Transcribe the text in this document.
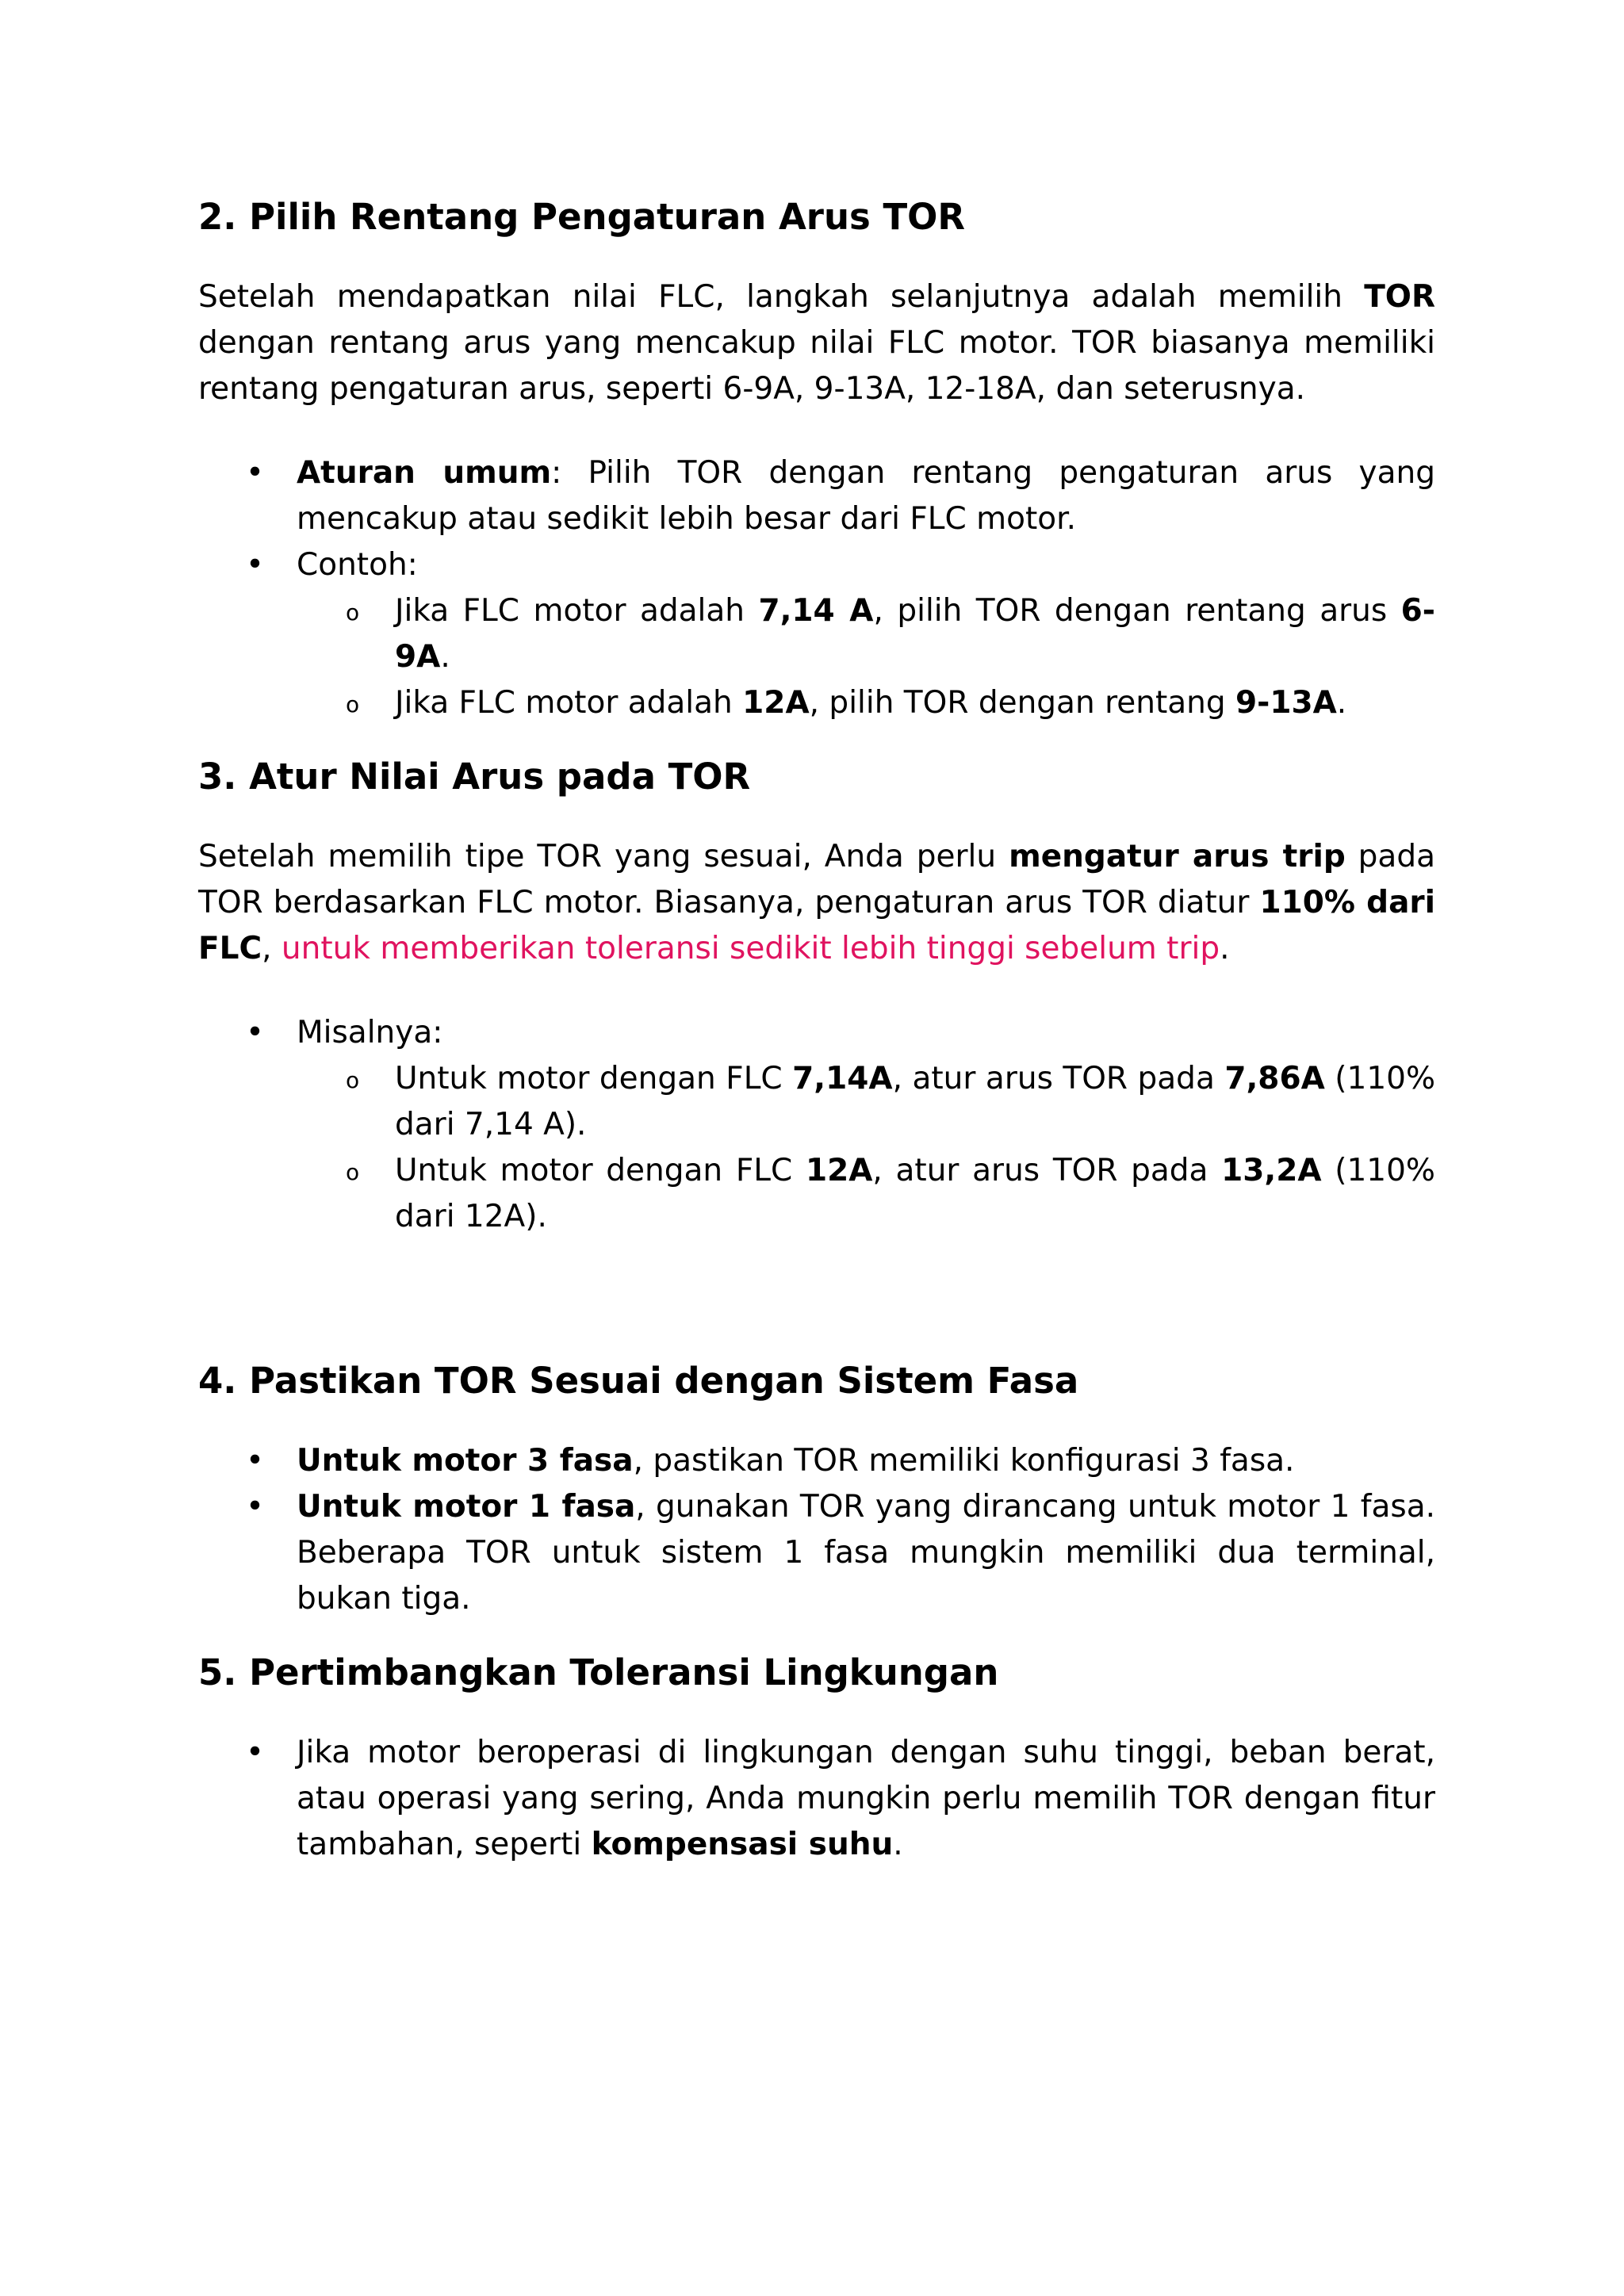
2. Pilih Rentang Pengaturan Arus TOR

Setelah mendapatkan nilai FLC, langkah selanjutnya adalah memilih TOR dengan rentang arus yang mencakup nilai FLC motor. TOR biasanya memiliki rentang pengaturan arus, seperti 6-9A, 9-13A, 12-18A, dan seterusnya.

• Aturan umum: Pilih TOR dengan rentang pengaturan arus yang mencakup atau sedikit lebih besar dari FLC motor.
• Contoh:
o Jika FLC motor adalah 7,14 A, pilih TOR dengan rentang arus 6-9A.
o Jika FLC motor adalah 12A, pilih TOR dengan rentang 9-13A.
3. Atur Nilai Arus pada TOR

Setelah memilih tipe TOR yang sesuai, Anda perlu mengatur arus trip pada TOR berdasarkan FLC motor. Biasanya, pengaturan arus TOR diatur 110% dari FLC, untuk memberikan toleransi sedikit lebih tinggi sebelum trip.

• Misalnya:
o Untuk motor dengan FLC 7,14A, atur arus TOR pada 7,86A (110% dari 7,14 A).
o Untuk motor dengan FLC 12A, atur arus TOR pada 13,2A (110% dari 12A).
4. Pastikan TOR Sesuai dengan Sistem Fasa
• Untuk motor 3 fasa, pastikan TOR memiliki konfigurasi 3 fasa.
• Untuk motor 1 fasa, gunakan TOR yang dirancang untuk motor 1 fasa. Beberapa TOR untuk sistem 1 fasa mungkin memiliki dua terminal, bukan tiga.
5. Pertimbangkan Toleransi Lingkungan
• Jika motor beroperasi di lingkungan dengan suhu tinggi, beban berat, atau operasi yang sering, Anda mungkin perlu memilih TOR dengan fitur tambahan, seperti kompensasi suhu.
